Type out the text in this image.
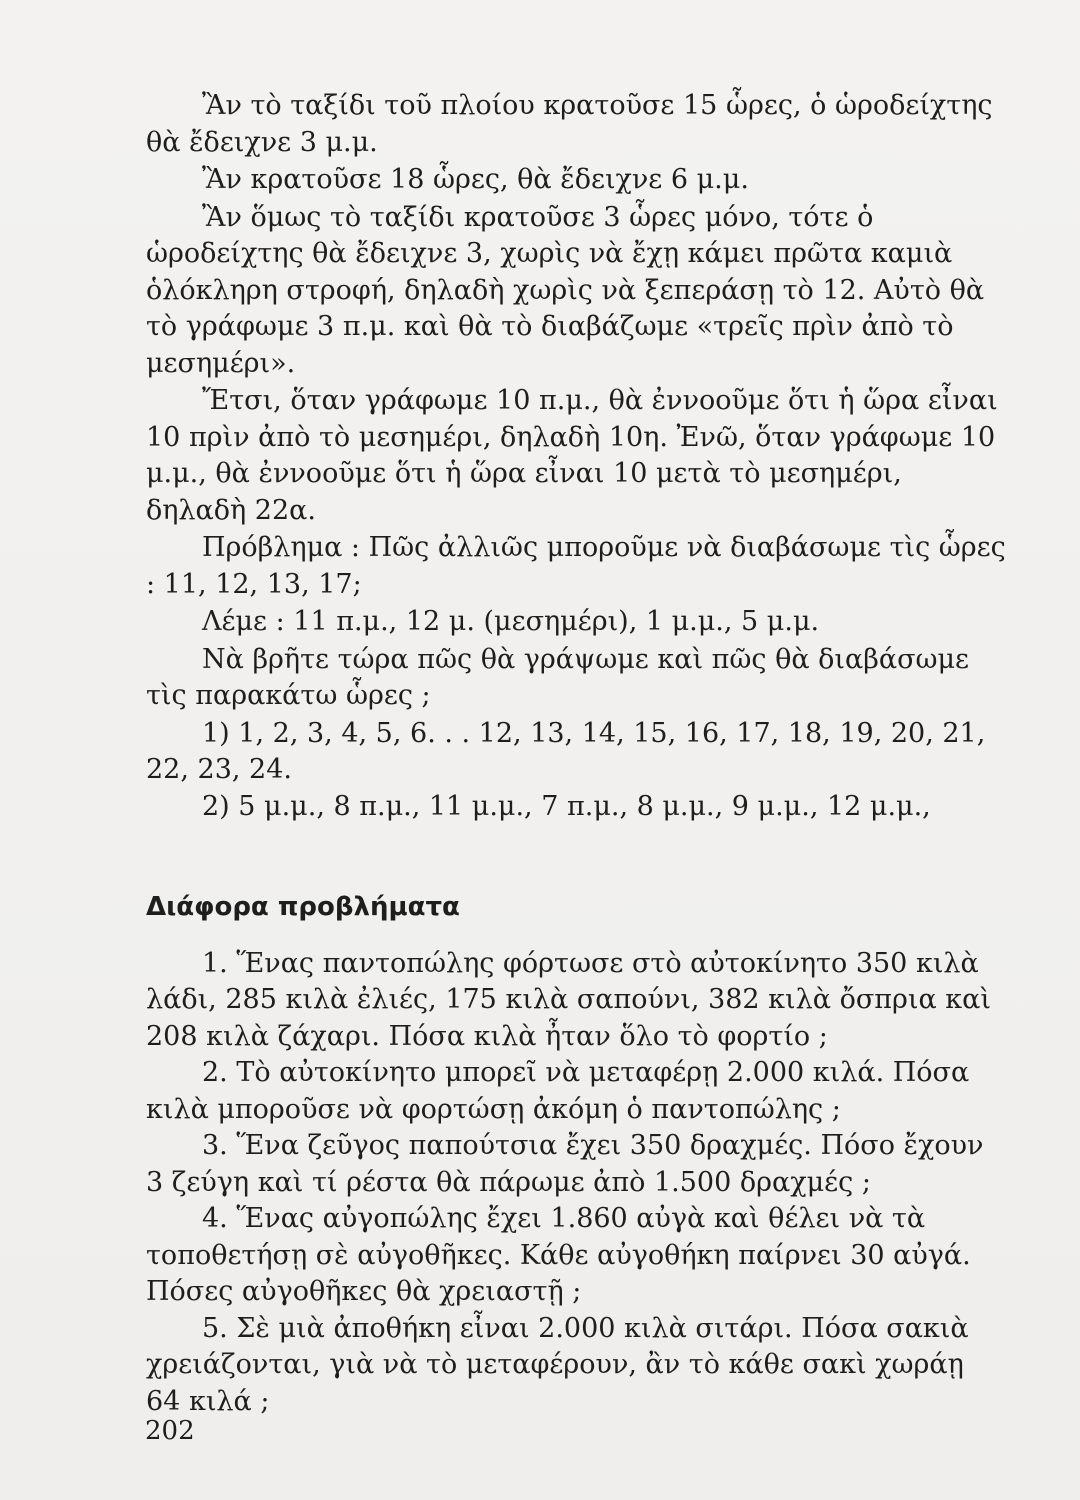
Ἂν τὸ ταξίδι τοῦ πλοίου κρατοῦσε 15 ὧρες, ὁ ὡροδείχτης θὰ ἔδειχνε 3 μ.μ.

Ἂν κρατοῦσε 18 ὧρες, θὰ ἔδειχνε 6 μ.μ.

Ἂν ὅμως τὸ ταξίδι κρατοῦσε 3 ὧρες μόνο, τότε ὁ ὡροδείχτης θὰ ἔδειχνε 3, χωρὶς νὰ ἔχῃ κάμει πρῶτα καμιὰ ὁλόκληρη στροφή, δηλαδὴ χωρὶς νὰ ξεπεράσῃ τὸ 12. Αὐτὸ θὰ τὸ γράφωμε 3 π.μ. καὶ θὰ τὸ διαβάζωμε «τρεῖς πρὶν ἀπὸ τὸ μεσημέρι».

Ἔτσι, ὅταν γράφωμε 10 π.μ., θὰ ἐννοοῦμε ὅτι ἡ ὥρα εἶναι 10 πρὶν ἀπὸ τὸ μεσημέρι, δηλαδὴ 10η. Ἐνῶ, ὅταν γράφωμε 10 μ.μ., θὰ ἐννοοῦμε ὅτι ἡ ὥρα εἶναι 10 μετὰ τὸ μεσημέρι, δηλαδὴ 22α.

Πρόβλημα : Πῶς ἀλλιῶς μποροῦμε νὰ διαβάσωμε τὶς ὧρες : 11, 12, 13, 17;

Λέμε : 11 π.μ., 12 μ. (μεσημέρι), 1 μ.μ., 5 μ.μ.

Νὰ βρῆτε τώρα πῶς θὰ γράψωμε καὶ πῶς θὰ διαβάσωμε τὶς παρακάτω ὧρες ;

1) 1, 2, 3, 4, 5, 6. . . 12, 13, 14, 15, 16, 17, 18, 19, 20, 21, 22, 23, 24.

2) 5 μ.μ., 8 π.μ., 11 μ.μ., 7 π.μ., 8 μ.μ., 9 μ.μ., 12 μ.μ.,

Διάφορα προβλήματα

1. Ἕνας παντοπώλης φόρτωσε στὸ αὐτοκίνητο 350 κιλὰ λάδι, 285 κιλὰ ἐλιές, 175 κιλὰ σαπούνι, 382 κιλὰ ὄσπρια καὶ 208 κιλὰ ζάχαρι. Πόσα κιλὰ ἦταν ὅλο τὸ φορτίο ;

2. Τὸ αὐτοκίνητο μπορεῖ νὰ μεταφέρῃ 2.000 κιλά. Πόσα κιλὰ μποροῦσε νὰ φορτώσῃ ἀκόμη ὁ παντοπώλης ;

3. Ἕνα ζεῦγος παπούτσια ἔχει 350 δραχμές. Πόσο ἔχουν 3 ζεύγη καὶ τί ρέστα θὰ πάρωμε ἀπὸ 1.500 δραχμές ;

4. Ἕνας αὐγοπώλης ἔχει 1.860 αὐγὰ καὶ θέλει νὰ τὰ τοποθετήσῃ σὲ αὐγοθῆκες. Κάθε αὐγοθήκη παίρνει 30 αὐγά. Πόσες αὐγοθῆκες θὰ χρειαστῇ ;

5. Σὲ μιὰ ἀποθήκη εἶναι 2.000 κιλὰ σιτάρι. Πόσα σακιὰ χρειάζονται, γιὰ νὰ τὸ μεταφέρουν, ἂν τὸ κάθε σακὶ χωράῃ 64 κιλά ;

202
